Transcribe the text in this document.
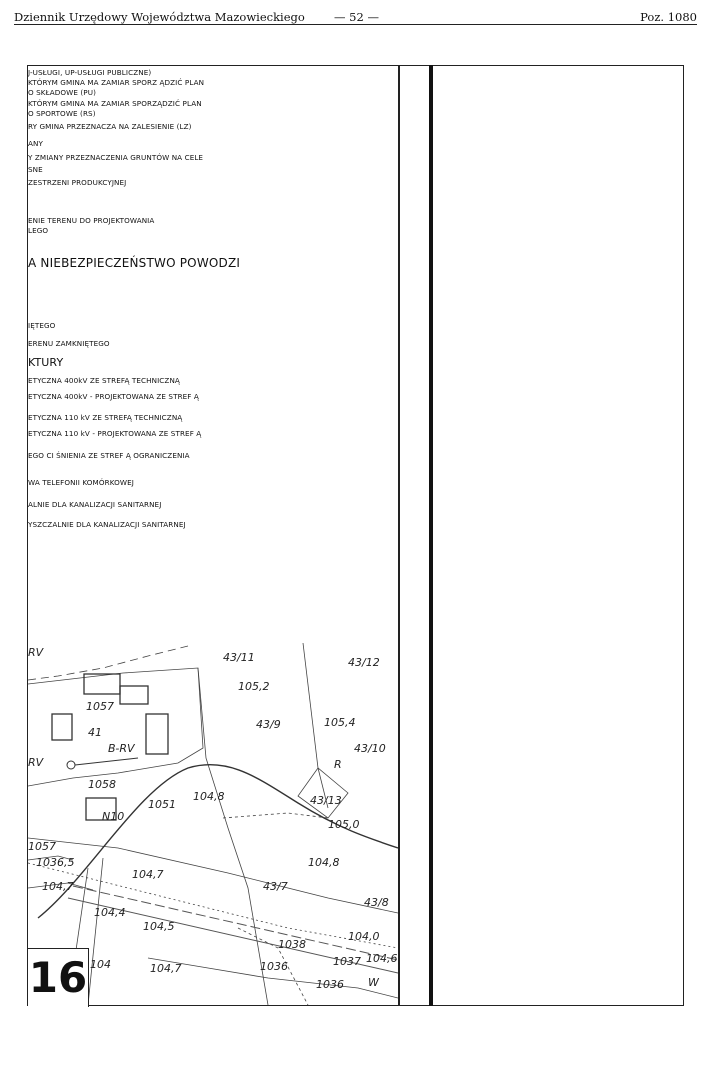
Dziennik Urzędowy Województwa Mazowieckiego	— 52 —	Poz. 1080
J-USŁUGI, UP-USŁUGI PUBLICZNE)
KTÓRYM GMINA MA ZAMIAR SPORZ ĄDZIĆ PLAN
O SKŁADOWE (PU)
KTÓRYM GMINA MA ZAMIAR SPORZĄDZIĆ PLAN
O SPORTOWE (RS)
RY GMINA PRZEZNACZA NA ZALESIENIE (LZ)
ANY
Y ZMIANY PRZEZNACZENIA GRUNTÓW NA CELE
SNE
ZESTRZENI PRODUKCYJNEJ
ENIE TERENU DO PROJEKTOWANIA
LEGO
A NIEBEZPIECZEŃSTWO POWODZI
IĘTEGO
ERENU ZAMKNIĘTEGO
KTURY
ETYCZNA 400kV ZE STREFĄ TECHNICZNĄ
ETYCZNA 400kV - PROJEKTOWANA ZE STREF Ą
ETYCZNA 110 kV ZE STREFĄ TECHNICZNĄ
ETYCZNA 110 kV - PROJEKTOWANA ZE STREF Ą
EGO CI ŚNIENIA ZE STREF Ą OGRANICZENIA
WA TELEFONII KOMÓRKOWEJ
ALNIE DLA KANALIZACJI SANITARNEJ
YSZCZALNIE DLA KANALIZACJI SANITARNEJ
RV	43/11	43/12
105,2
1057
41
43/9	105,4
43/10
B-RV
RV	R
43/13
1058
1051
104,8
N10
105,0
1057
1036,5
104,7
104,7	43/7
104,8
43/8
104,4
104,5
104,0
1038
104,7	1036	1037 104,6
1036 W
104
16
